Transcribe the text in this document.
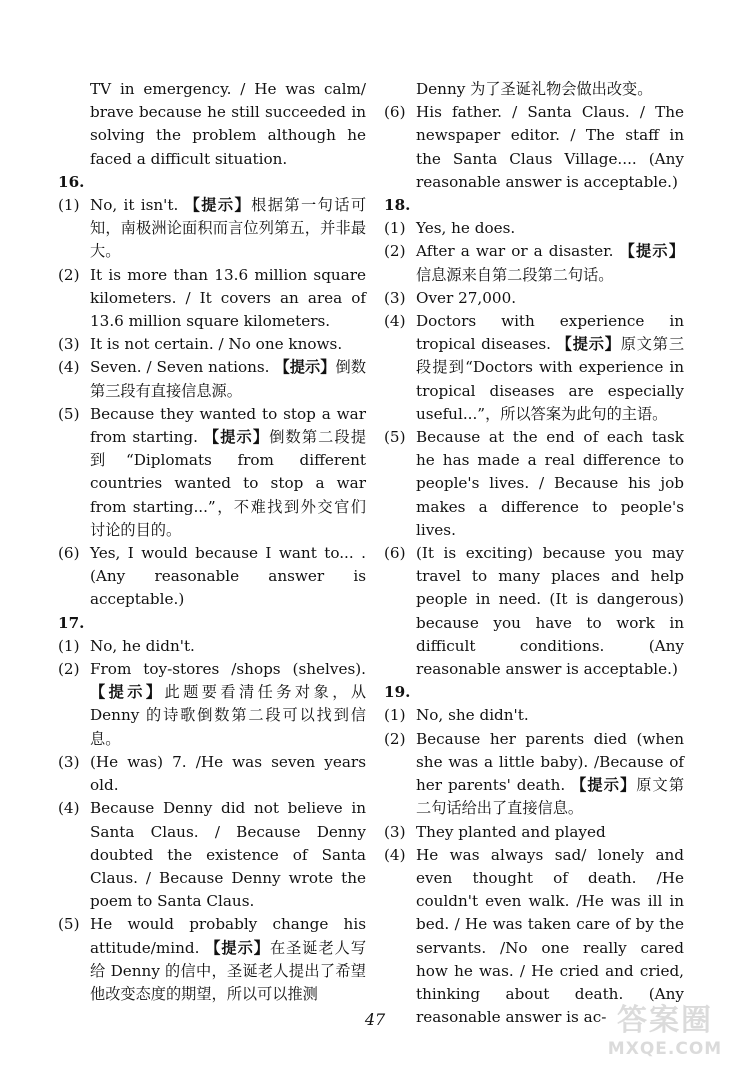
TV in emergency. / He was calm/ brave because he still succeeded in solving the problem although he faced a difficult situation.

16.
(1) No, it isn't. 【提示】根据第一句话可知，南极洲论面积而言位列第五，并非最大。
(2) It is more than 13.6 million square kilometers. / It covers an area of 13.6 million square kilometers.
(3) It is not certain. / No one knows.
(4) Seven. / Seven nations. 【提示】倒数第三段有直接信息源。
(5) Because they wanted to stop a war from starting. 【提示】倒数第二段提到“Diplomats from different countries wanted to stop a war from starting...”，不难找到外交官们讨论的目的。
(6) Yes, I would because I want to... . (Any reasonable answer is acceptable.)
17.
(1) No, he didn't.
(2) From toy-stores /shops (shelves). 【提示】此题要看清任务对象，从 Denny 的诗歌倒数第二段可以找到信息。
(3) (He was) 7. /He was seven years old.
(4) Because Denny did not believe in Santa Claus. / Because Denny doubted the existence of Santa Claus. / Because Denny wrote the poem to Santa Claus.
(5) He would probably change his attitude/mind. 【提示】在圣诞老人写给 Denny 的信中，圣诞老人提出了希望他改变态度的期望，所以可以推测

Denny 为了圣诞礼物会做出改变。

(6) His father. / Santa Claus. / The newspaper editor. / The staff in the Santa Claus Village.... (Any reasonable answer is acceptable.)
18.
(1) Yes, he does.
(2) After a war or a disaster. 【提示】信息源来自第二段第二句话。
(3) Over 27,000.
(4) Doctors with experience in tropical diseases. 【提示】原文第三段提到“Doctors with experience in tropical diseases are especially useful...”，所以答案为此句的主语。
(5) Because at the end of each task he has made a real difference to people's lives. / Because his job makes a difference to people's lives.
(6) (It is exciting) because you may travel to many places and help people in need. (It is dangerous) because you have to work in difficult conditions. (Any reasonable answer is acceptable.)
19.
(1) No, she didn't.
(2) Because her parents died (when she was a little baby). /Because of her parents' death. 【提示】原文第二句话给出了直接信息。
(3) They planted and played
(4) He was always sad/ lonely and even thought of death. /He couldn't even walk. /He was ill in bed. / He was taken care of by the servants. /No one really cared how he was. / He cried and cried, thinking about death. (Any reasonable answer is ac-
47	答案圈
MXQE.COM
